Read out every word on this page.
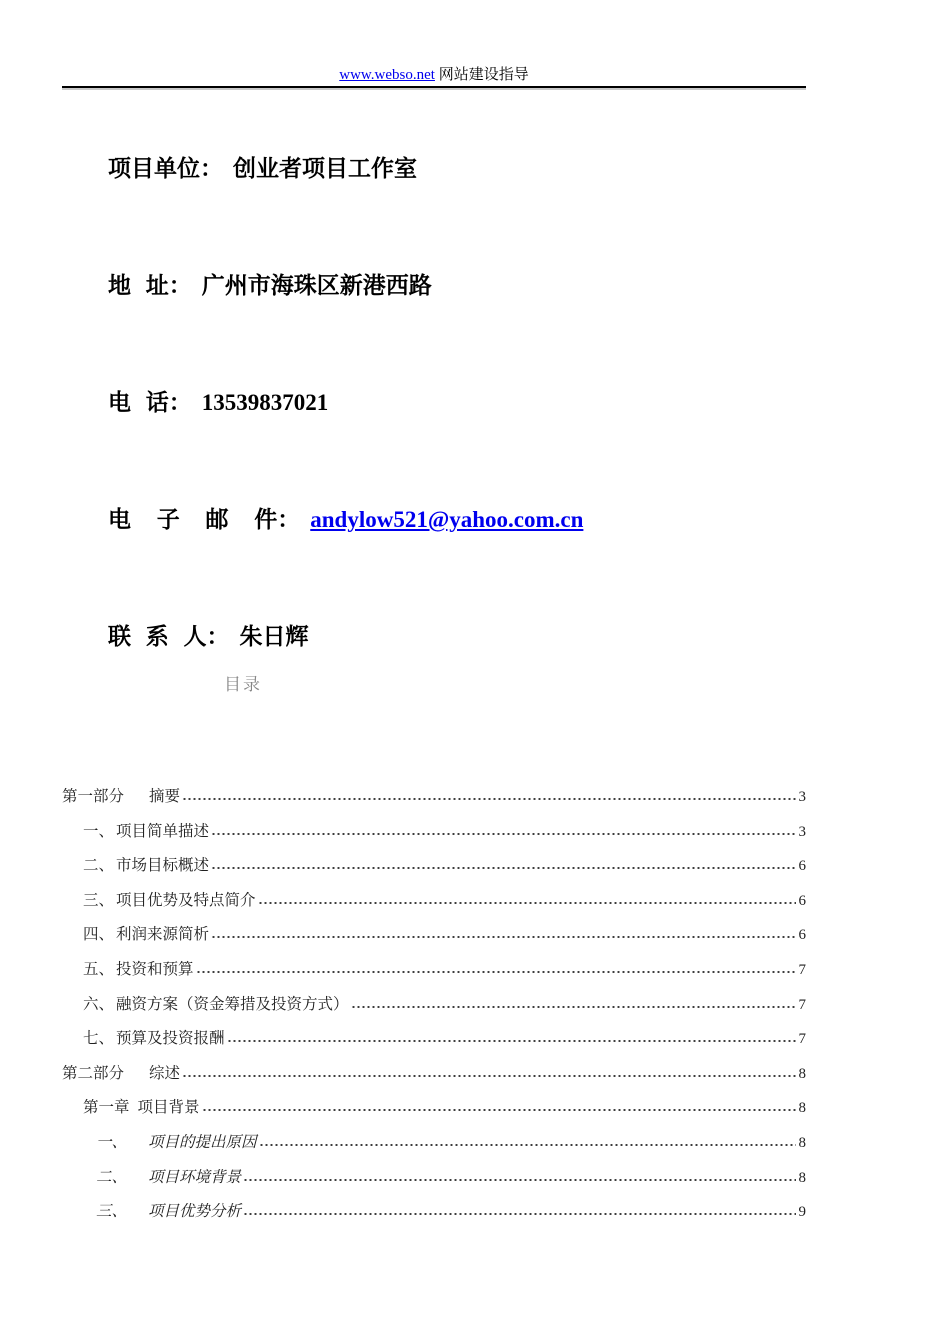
www.webso.net 网站建设指导

项目单位： 创业者项目工作室

地 址： 广州市海珠区新港西路

电 话： 13539837021

电 子 邮 件： andylow521@yahoo.com.cn

联 系 人： 朱日辉

目录
第一部分 摘要	3
一、 项目简单描述	3
二、 市场目标概述	6
三、 项目优势及特点简介	6
四、 利润来源简析	6
五、 投资和预算	7
六、 融资方案（资金筹措及投资方式）	7
七、 预算及投资报酬	7
第二部分 综述	8
第一章 项目背景	8
一、	项目的提出原因	8
二、	项目环境背景	8
三、	项目优势分析	9
